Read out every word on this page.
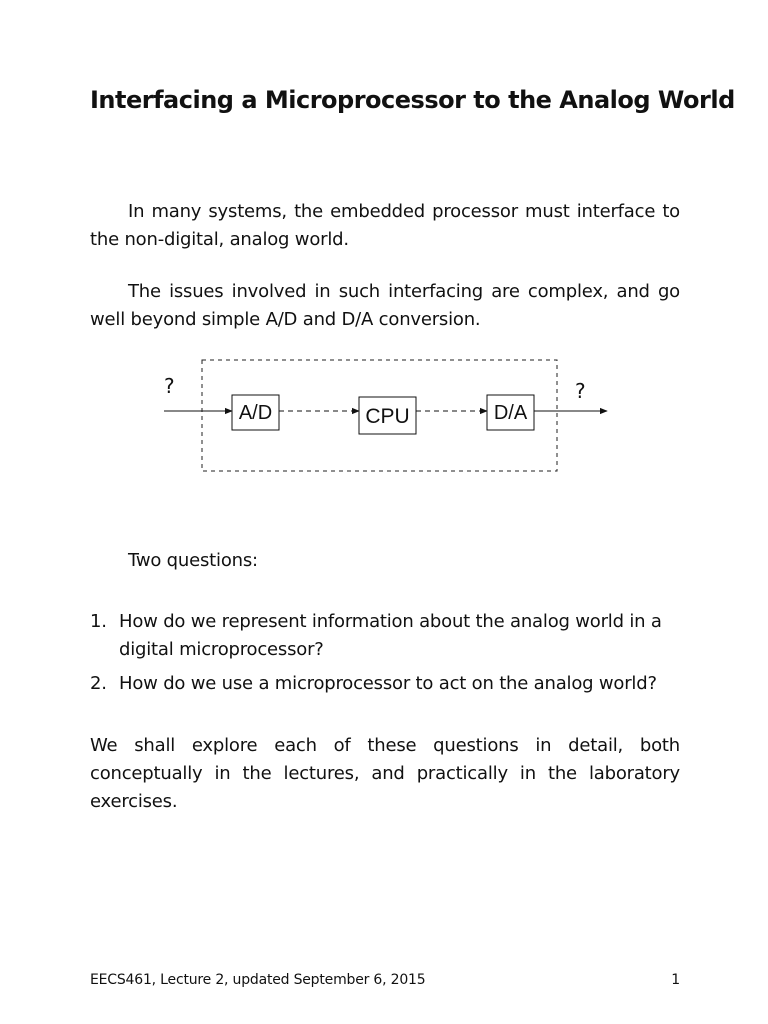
Interfacing a Microprocessor to the Analog World

In many systems, the embedded processor must interface to the non-digital, analog world.

The issues involved in such interfacing are complex, and go well beyond simple A/D and D/A conversion.

?
A/D	CPU	D/A
?

Two questions:

1. How do we represent information about the analog world in a digital microprocessor?
2. How do we use a microprocessor to act on the analog world?

We shall explore each of these questions in detail, both conceptually in the lectures, and practically in the laboratory exercises.

EECS461, Lecture 2, updated September 6, 2015	1
